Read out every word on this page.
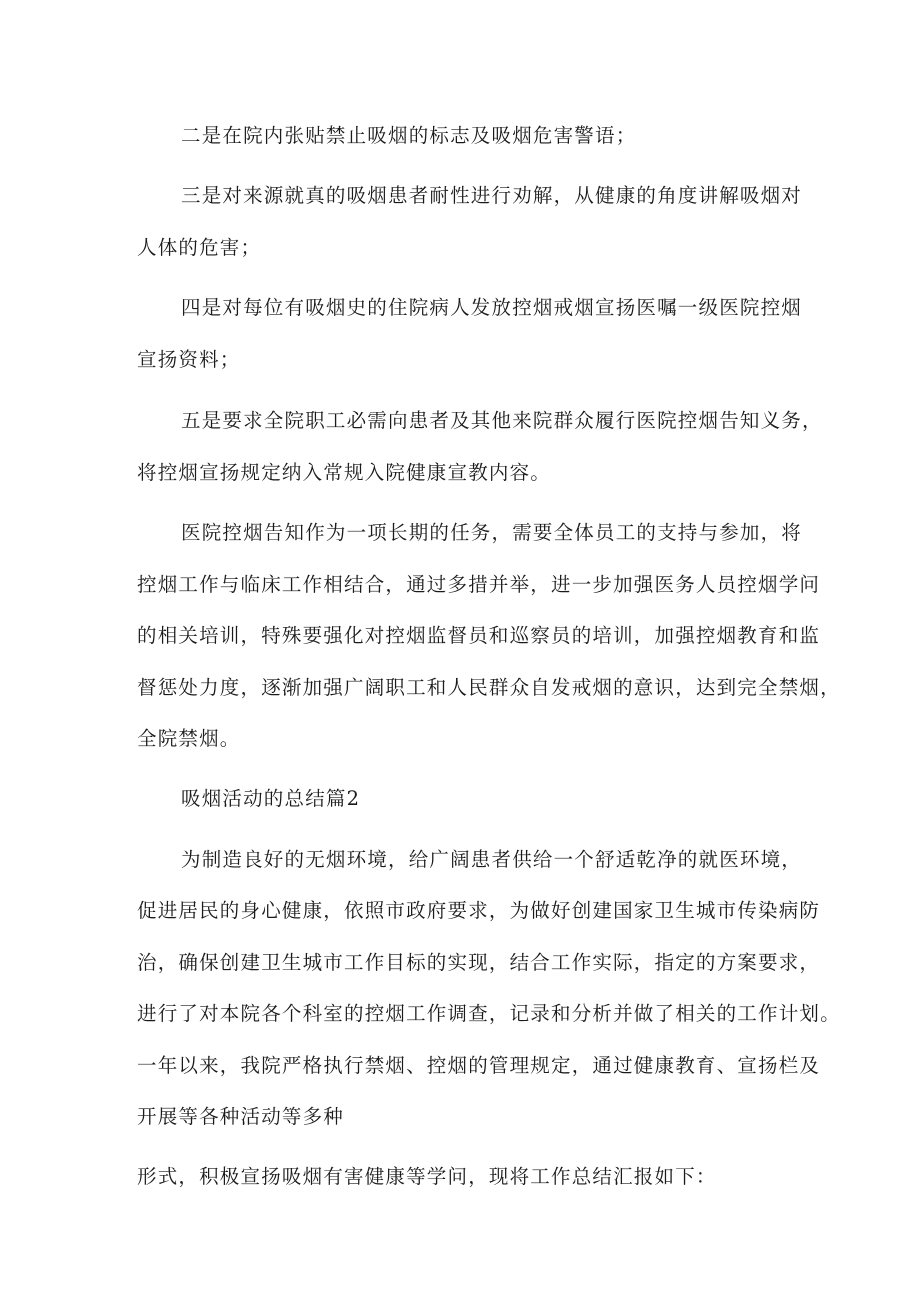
二是在院内张贴禁止吸烟的标志及吸烟危害警语；
三是对来源就真的吸烟患者耐性进行劝解，从健康的角度讲解吸烟对
人体的危害；
四是对每位有吸烟史的住院病人发放控烟戒烟宣扬医嘱一级医院控烟
宣扬资料；
五是要求全院职工必需向患者及其他来院群众履行医院控烟告知义务，
将控烟宣扬规定纳入常规入院健康宣教内容。
医院控烟告知作为一项长期的任务，需要全体员工的支持与参加，将
控烟工作与临床工作相结合，通过多措并举，进一步加强医务人员控烟学问
的相关培训，特殊要强化对控烟监督员和巡察员的培训，加强控烟教育和监
督惩处力度，逐渐加强广阔职工和人民群众自发戒烟的意识，达到完全禁烟，
全院禁烟。
吸烟活动的总结篇2
为制造良好的无烟环境，给广阔患者供给一个舒适乾净的就医环境，
促进居民的身心健康，依照市政府要求，为做好创建国家卫生城市传染病防
治，确保创建卫生城市工作目标的实现，结合工作实际，指定的方案要求，
进行了对本院各个科室的控烟工作调查，记录和分析并做了相关的工作计划。
一年以来，我院严格执行禁烟、控烟的管理规定，通过健康教育、宣扬栏及
开展等各种活动等多种
形式，积极宣扬吸烟有害健康等学问，现将工作总结汇报如下：
